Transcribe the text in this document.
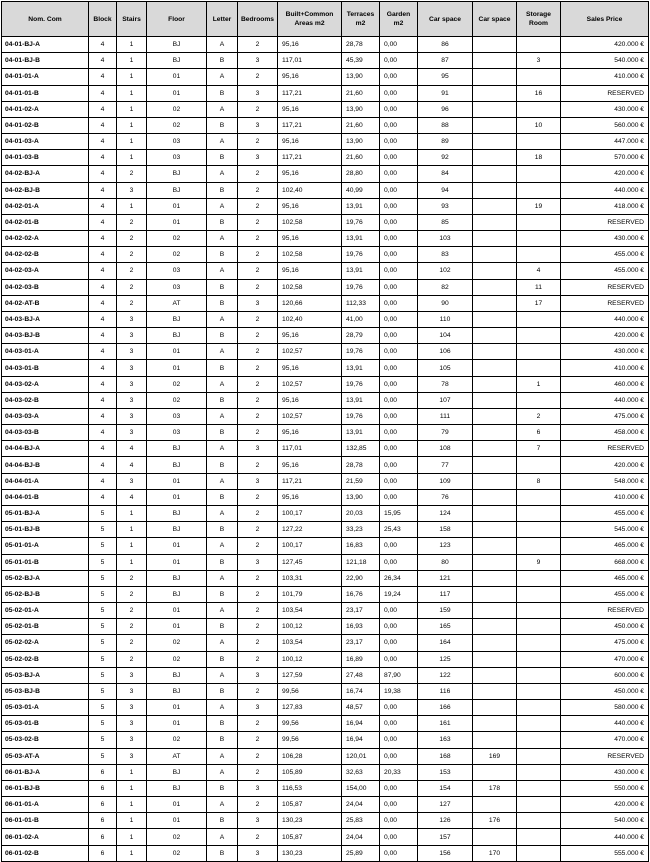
Nom. Com	Block	Stairs	Floor	Letter	Bedrooms	Built+Common Areas m2	Terraces m2	Garden m2	Car space	Car space	Storage Room	Sales Price
04-01-BJ-A	4	1	BJ	A	2	95,16	28,78	0,00	86			420.000 €
04-01-BJ-B	4	1	BJ	B	3	117,01	45,39	0,00	87		3	540.000 €
04-01-01-A	4	1	01	A	2	95,16	13,90	0,00	95			410.000 €
04-01-01-B	4	1	01	B	3	117,21	21,60	0,00	91		16	RESERVED
04-01-02-A	4	1	02	A	2	95,16	13,90	0,00	96			430.000 €
04-01-02-B	4	1	02	B	3	117,21	21,60	0,00	88		10	560.000 €
04-01-03-A	4	1	03	A	2	95,16	13,90	0,00	89			447.000 €
04-01-03-B	4	1	03	B	3	117,21	21,60	0,00	92		18	570.000 €
04-02-BJ-A	4	2	BJ	A	2	95,16	28,80	0,00	84			420.000 €
04-02-BJ-B	4	3	BJ	B	2	102,40	40,99	0,00	94			440.000 €
04-02-01-A	4	1	01	A	2	95,16	13,91	0,00	93		19	418.000 €
04-02-01-B	4	2	01	B	2	102,58	19,76	0,00	85			RESERVED
04-02-02-A	4	2	02	A	2	95,16	13,91	0,00	103			430.000 €
04-02-02-B	4	2	02	B	2	102,58	19,76	0,00	83			455.000 €
04-02-03-A	4	2	03	A	2	95,16	13,91	0,00	102		4	455.000 €
04-02-03-B	4	2	03	B	2	102,58	19,76	0,00	82		11	RESERVED
04-02-AT-B	4	2	AT	B	3	120,66	112,33	0,00	90		17	RESERVED
04-03-BJ-A	4	3	BJ	A	2	102,40	41,00	0,00	110			440.000 €
04-03-BJ-B	4	3	BJ	B	2	95,16	28,79	0,00	104			420.000 €
04-03-01-A	4	3	01	A	2	102,57	19,76	0,00	106			430.000 €
04-03-01-B	4	3	01	B	2	95,16	13,91	0,00	105			410.000 €
04-03-02-A	4	3	02	A	2	102,57	19,76	0,00	78		1	460.000 €
04-03-02-B	4	3	02	B	2	95,16	13,91	0,00	107			440.000 €
04-03-03-A	4	3	03	A	2	102,57	19,76	0,00	111		2	475.000 €
04-03-03-B	4	3	03	B	2	95,16	13,91	0,00	79		6	458.000 €
04-04-BJ-A	4	4	BJ	A	3	117,01	132,85	0,00	108		7	RESERVED
04-04-BJ-B	4	4	BJ	B	2	95,16	28,78	0,00	77			420.000 €
04-04-01-A	4	3	01	A	3	117,21	21,59	0,00	109		8	548.000 €
04-04-01-B	4	4	01	B	2	95,16	13,90	0,00	76			410.000 €
05-01-BJ-A	5	1	BJ	A	2	100,17	20,03	15,95	124			455.000 €
05-01-BJ-B	5	1	BJ	B	2	127,22	33,23	25,43	158			545.000 €
05-01-01-A	5	1	01	A	2	100,17	16,83	0,00	123			465.000 €
05-01-01-B	5	1	01	B	3	127,45	121,18	0,00	80		9	668.000 €
05-02-BJ-A	5	2	BJ	A	2	103,31	22,90	26,34	121			465.000 €
05-02-BJ-B	5	2	BJ	B	2	101,79	16,76	19,24	117			455.000 €
05-02-01-A	5	2	01	A	2	103,54	23,17	0,00	159			RESERVED
05-02-01-B	5	2	01	B	2	100,12	16,93	0,00	165			450.000 €
05-02-02-A	5	2	02	A	2	103,54	23,17	0,00	164			475.000 €
05-02-02-B	5	2	02	B	2	100,12	16,89	0,00	125			470.000 €
05-03-BJ-A	5	3	BJ	A	3	127,59	27,48	87,90	122			600.000 €
05-03-BJ-B	5	3	BJ	B	2	99,56	16,74	19,38	116			450.000 €
05-03-01-A	5	3	01	A	3	127,83	48,57	0,00	166			580.000 €
05-03-01-B	5	3	01	B	2	99,56	16,94	0,00	161			440.000 €
05-03-02-B	5	3	02	B	2	99,56	16,94	0,00	163			470.000 €
05-03-AT-A	5	3	AT	A	2	106,28	120,01	0,00	168	169		RESERVED
06-01-BJ-A	6	1	BJ	A	2	105,89	32,63	20,33	153			430.000 €
06-01-BJ-B	6	1	BJ	B	3	116,53	154,00	0,00	154	178		550.000 €
06-01-01-A	6	1	01	A	2	105,87	24,04	0,00	127			420.000 €
06-01-01-B	6	1	01	B	3	130,23	25,83	0,00	126	176		540.000 €
06-01-02-A	6	1	02	A	2	105,87	24,04	0,00	157			440.000 €
06-01-02-B	6	1	02	B	3	130,23	25,89	0,00	156	170		555.000 €
